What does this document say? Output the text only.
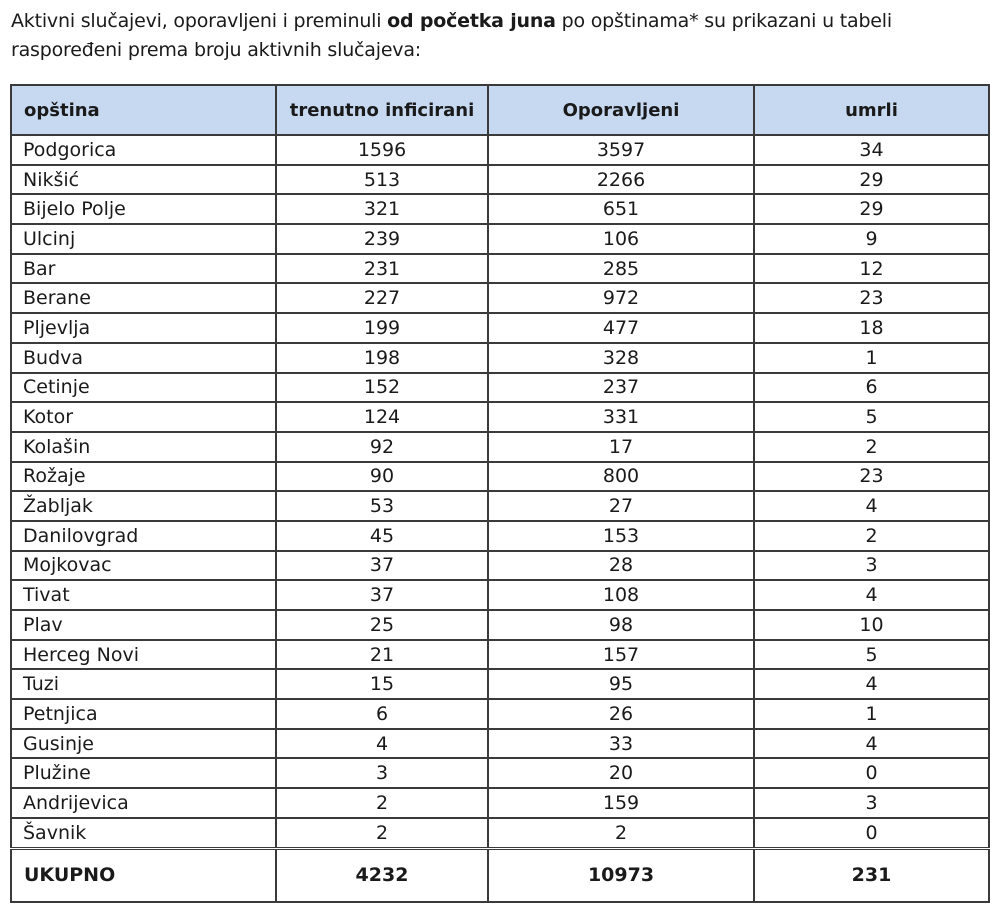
Aktivni slučajevi, oporavljeni i preminuli od početka juna po opštinama* su prikazani u tabeli raspoređeni prema broju aktivnih slučajeva:
opština	trenutno inficirani	Oporavljeni	umrli
Podgorica	1596	3597	34
Nikšić	513	2266	29
Bijelo Polje	321	651	29
Ulcinj	239	106	9
Bar	231	285	12
Berane	227	972	23
Pljevlja	199	477	18
Budva	198	328	1
Cetinje	152	237	6
Kotor	124	331	5
Kolašin	92	17	2
Rožaje	90	800	23
Žabljak	53	27	4
Danilovgrad	45	153	2
Mojkovac	37	28	3
Tivat	37	108	4
Plav	25	98	10
Herceg Novi	21	157	5
Tuzi	15	95	4
Petnjica	6	26	1
Gusinje	4	33	4
Plužine	3	20	0
Andrijevica	2	159	3
Šavnik	2	2	0
UKUPNO	4232	10973	231
